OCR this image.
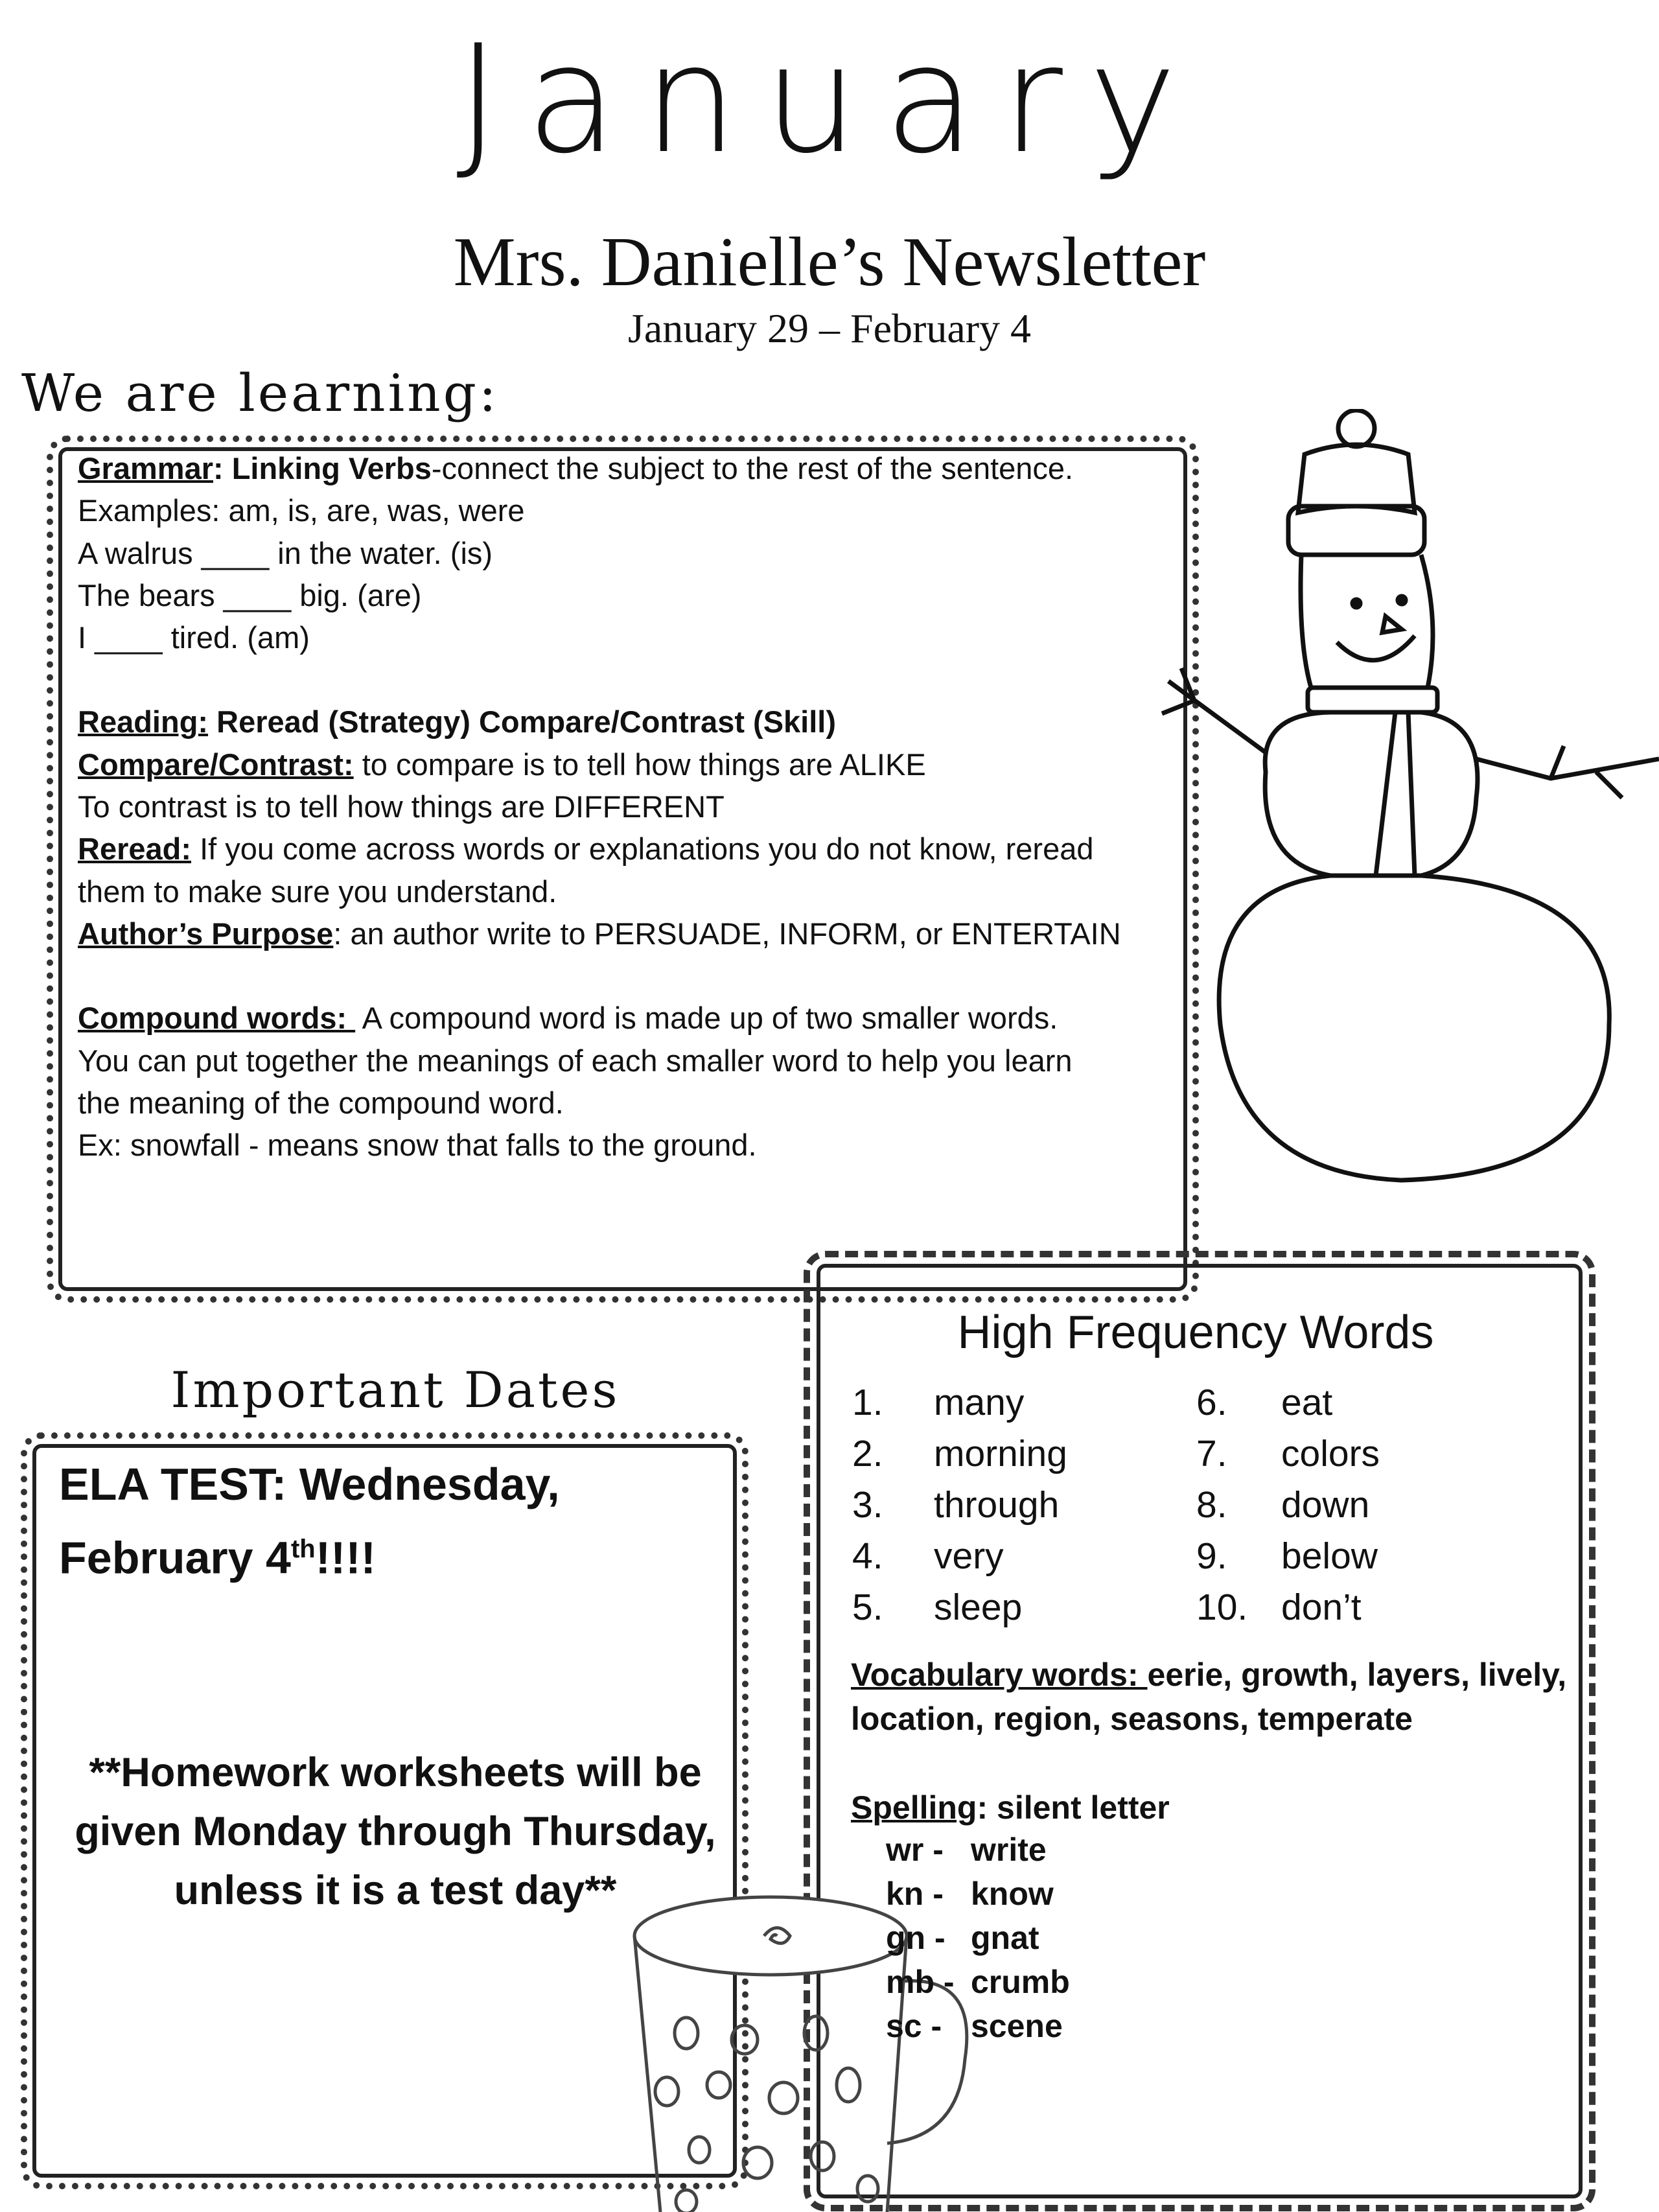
January
Mrs. Danielle’s Newsletter
January 29 – February 4
We are learning:
Grammar: Linking Verbs-connect the subject to the rest of the sentence.
Examples: am, is, are, was, were
A walrus ____ in the water. (is)
The bears ____ big. (are)
I ____ tired. (am)
Reading: Reread (Strategy) Compare/Contrast (Skill)
Compare/Contrast: to compare is to tell how things are ALIKE
To contrast is to tell how things are DIFFERENT
Reread: If you come across words or explanations you do not know, reread
them to make sure you understand.
Author’s Purpose: an author write to PERSUADE, INFORM, or ENTERTAIN
Compound words:  A compound word is made up of two smaller words.
You can put together the meanings of each smaller word to help you learn
the meaning of the compound word.
Ex: snowfall - means snow that falls to the ground.
Important Dates
ELA TEST: Wednesday,
February 4th!!!!
**Homework worksheets will be given Monday through Thursday, unless it is a test day**
High Frequency Words
1. many
2. morning
3. through
4. very
5. sleep
6. eat
7. colors
8. down
9. below
10. don’t
Vocabulary words: eerie, growth, layers, lively, location, region, seasons, temperate
Spelling: silent letter
wr - write
kn - know
gn - gnat
mb - crumb
sc - scene
